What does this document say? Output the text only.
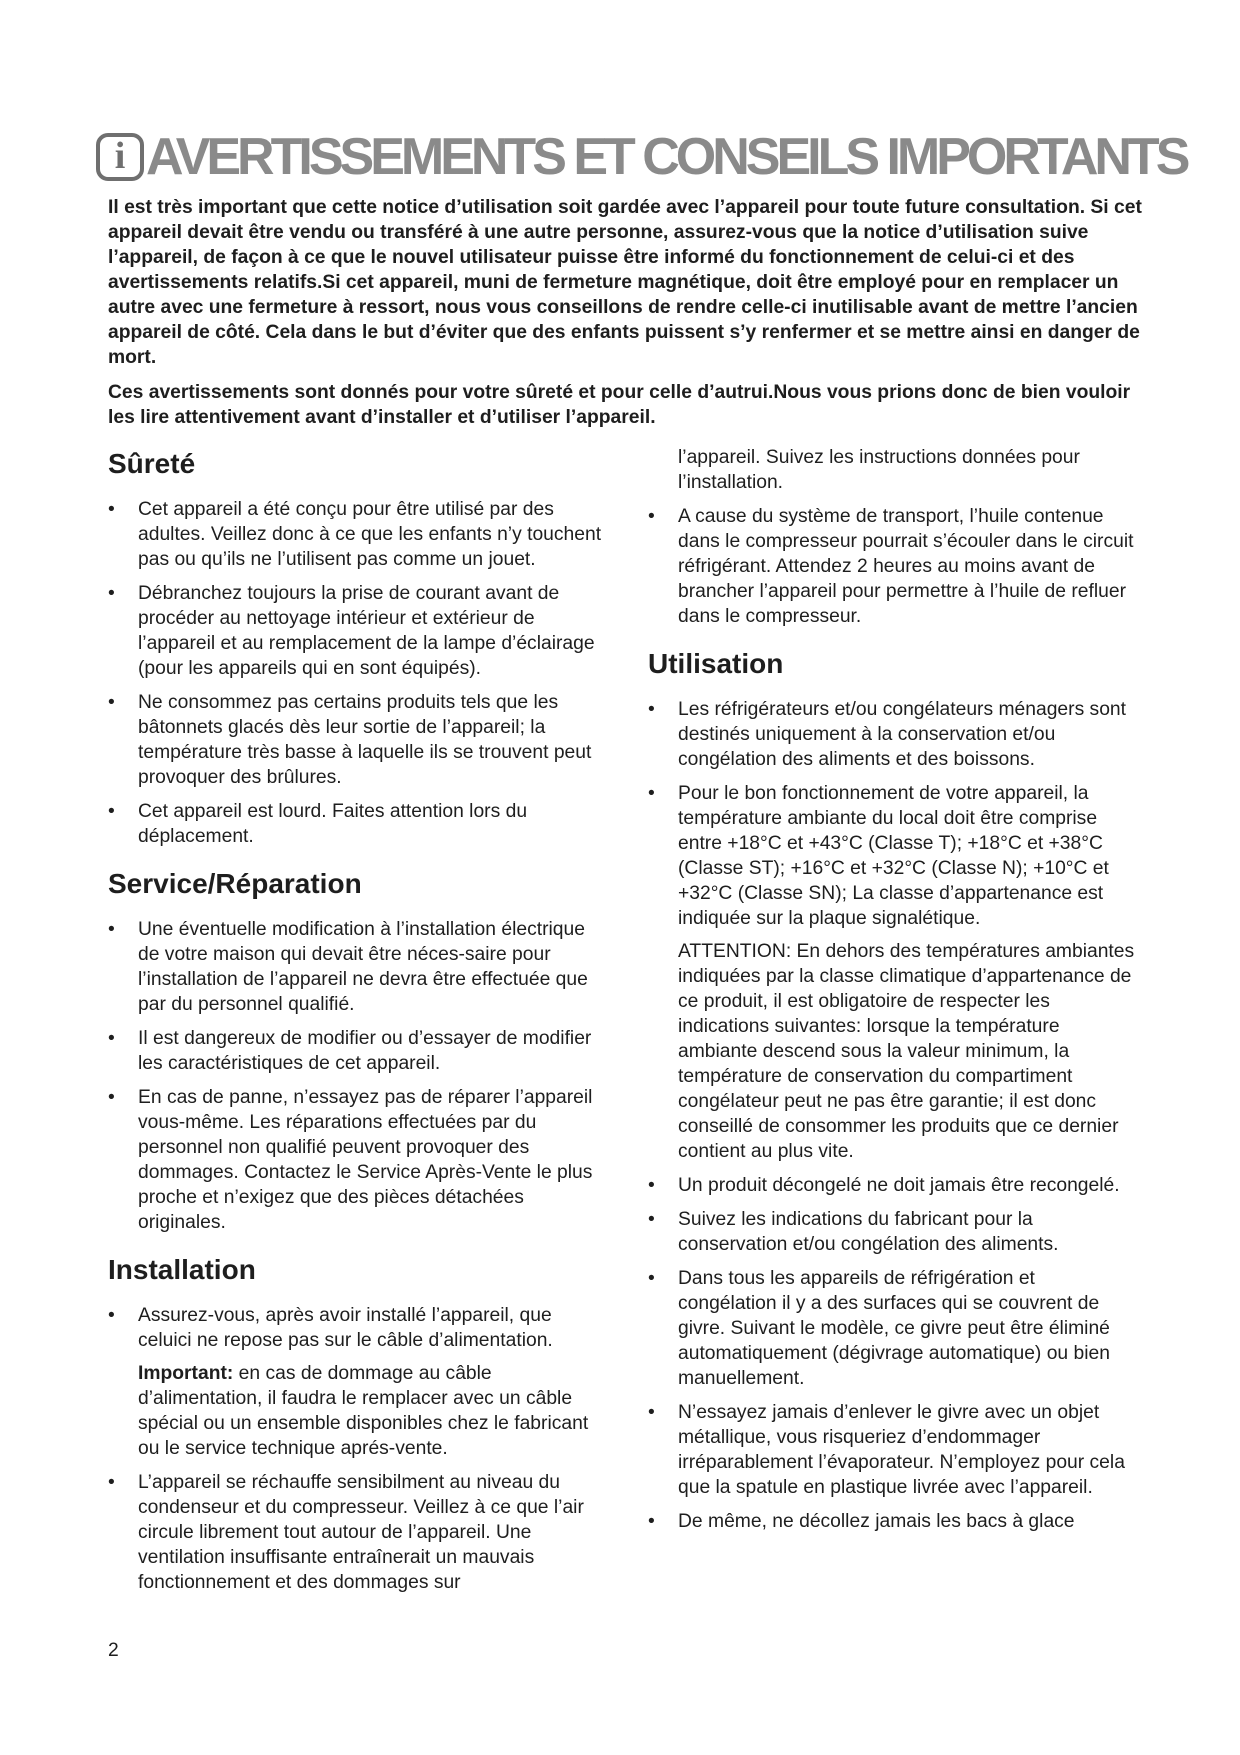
i AVERTISSEMENTS ET CONSEILS IMPORTANTS

Il est très important que cette notice d’utilisation soit gardée avec l’appareil pour toute future consultation. Si cet appareil devait être vendu ou transféré à une autre personne, assurez-vous que la notice d’utilisation suive l’appareil, de façon à ce que le nouvel utilisateur puisse être informé du fonctionnement de celui-ci et des avertissements relatifs.Si cet appareil, muni de fermeture magnétique, doit être employé pour en remplacer un autre avec une fermeture à ressort, nous vous conseillons de rendre celle-ci inutilisable avant de mettre l’ancien appareil de côté. Cela dans le but d’éviter que des enfants puissent s’y renfermer et se mettre ainsi en danger de mort.

Ces avertissements sont donnés pour votre sûreté et pour celle d’autrui.Nous vous prions donc de bien vouloir les lire attentivement avant d’installer et d’utiliser l’appareil.

Sûreté
• Cet appareil a été conçu pour être utilisé par des adultes. Veillez donc à ce que les enfants n’y touchent pas ou qu’ils ne l’utilisent pas comme un jouet.
• Débranchez toujours la prise de courant avant de procéder au nettoyage intérieur et extérieur de l’appareil et au remplacement de la lampe d’éclairage (pour les appareils qui en sont équipés).
• Ne consommez pas certains produits tels que les bâtonnets glacés dès leur sortie de l’appareil; la température très basse à laquelle ils se trouvent peut provoquer des brûlures.
• Cet appareil est lourd. Faites attention lors du déplacement.
Service/Réparation
• Une éventuelle modification à l’installation électrique de votre maison qui devait être néces-saire pour l’installation de l’appareil ne devra être effectuée que par du personnel qualifié.
• Il est dangereux de modifier ou d’essayer de modifier les caractéristiques de cet appareil.
• En cas de panne, n’essayez pas de réparer l’appareil vous-même. Les réparations effectuées par du personnel non qualifié peuvent provoquer des dommages. Contactez le Service Après-Vente le plus proche et n’exigez que des pièces détachées originales.
Installation
• Assurez-vous, après avoir installé l’appareil, que celuici ne repose pas sur le câble d’alimentation.

Important: en cas de dommage au câble d’alimentation, il faudra le remplacer avec un câble spécial ou un ensemble disponibles chez le fabricant ou le service technique aprés-vente.

• L’appareil se réchauffe sensibilment au niveau du condenseur et du compresseur. Veillez à ce que l’air circule librement tout autour de l’appareil. Une ventilation insuffisante entraînerait un mauvais fonctionnement et des dommages sur

l’appareil. Suivez les instructions données pour l’installation.

• A cause du système de transport, l’huile contenue dans le compresseur pourrait s’écouler dans le circuit réfrigérant. Attendez 2 heures au moins avant de brancher l’appareil pour permettre à l’huile de refluer dans le compresseur.
Utilisation
• Les réfrigérateurs et/ou congélateurs ménagers sont destinés uniquement à la conservation et/ou congélation des aliments et des boissons.
• Pour le bon fonctionnement de votre appareil, la température ambiante du local doit être comprise entre +18°C et +43°C (Classe T); +18°C et +38°C (Classe ST); +16°C et +32°C (Classe N); +10°C et +32°C (Classe SN); La classe d’appartenance est indiquée sur la plaque signalétique.

ATTENTION: En dehors des températures ambiantes indiquées par la classe climatique d’appartenance de ce produit, il est obligatoire de respecter les indications suivantes: lorsque la température ambiante descend sous la valeur minimum, la température de conservation du compartiment congélateur peut ne pas être garantie; il est donc conseillé de consommer les produits que ce dernier contient au plus vite.

• Un produit décongelé ne doit jamais être recongelé.
• Suivez les indications du fabricant pour la conservation et/ou congélation des aliments.
• Dans tous les appareils de réfrigération et congélation il y a des surfaces qui se couvrent de givre. Suivant le modèle, ce givre peut être éliminé automatiquement (dégivrage automatique) ou bien manuellement.
• N’essayez jamais d’enlever le givre avec un objet métallique, vous risqueriez d’endommager irréparablement l’évaporateur. N’employez pour cela que la spatule en plastique livrée avec l’appareil.
• De même, ne décollez jamais les bacs à glace
2
